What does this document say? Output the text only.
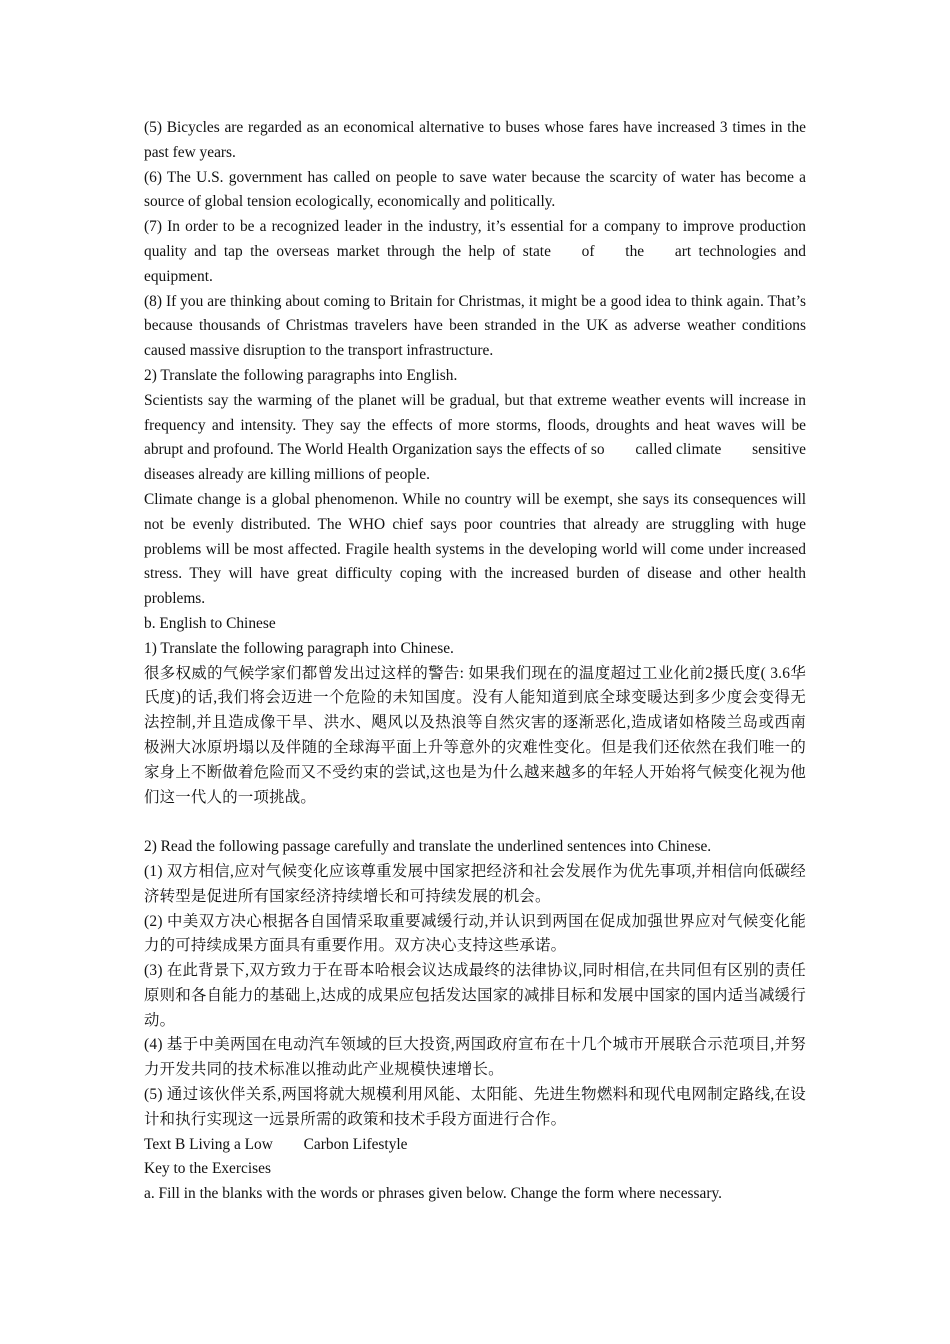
(5) Bicycles are regarded as an economical alternative to buses whose fares have increased 3 times in the past few years.

(6) The U.S. government has called on people to save water because the scarcity of water has become a source of global tension ecologically, economically and politically.

(7) In order to be a recognized leader in the industry, it’s essential for a company to improve production quality and tap the overseas market through the help of state  of  the  art technologies and equipment.

(8) If you are thinking about coming to Britain for Christmas, it might be a good idea to think again. That’s because thousands of Christmas travelers have been stranded in the UK as adverse weather conditions caused massive disruption to the transport infrastructure.

2) Translate the following paragraphs into English.

Scientists say the warming of the planet will be gradual, but that extreme weather events will increase in frequency and intensity. They say the effects of more storms, floods, droughts and heat waves will be abrupt and profound. The World Health Organization says the effects of so  called climate  sensitive diseases already are killing millions of people.

Climate change is a global phenomenon. While no country will be exempt, she says its consequences will not be evenly distributed. The WHO chief says poor countries that already are struggling with huge problems will be most affected. Fragile health systems in the developing world will come under increased stress. They will have great difficulty coping with the increased burden of disease and other health problems.

b. English to Chinese

1) Translate the following paragraph into Chinese.

很多权威的气候学家们都曾发出过这样的警告: 如果我们现在的温度超过工业化前2摄氏度( 3.6华氏度)的话,我们将会迈进一个危险的未知国度。没有人能知道到底全球变暖达到多少度会变得无法控制,并且造成像干旱、洪水、飓风以及热浪等自然灾害的逐渐恶化,造成诸如格陵兰岛或西南极洲大冰原坍塌以及伴随的全球海平面上升等意外的灾难性变化。但是我们还依然在我们唯一的家身上不断做着危险而又不受约束的尝试,这也是为什么越来越多的年轻人开始将气候变化视为他们这一代人的一项挑战。

2) Read the following passage carefully and translate the underlined sentences into Chinese.

(1) 双方相信,应对气候变化应该尊重发展中国家把经济和社会发展作为优先事项,并相信向低碳经济转型是促进所有国家经济持续增长和可持续发展的机会。

(2) 中美双方决心根据各自国情采取重要减缓行动,并认识到两国在促成加强世界应对气候变化能力的可持续成果方面具有重要作用。双方决心支持这些承诺。

(3) 在此背景下,双方致力于在哥本哈根会议达成最终的法律协议,同时相信,在共同但有区别的责任原则和各自能力的基础上,达成的成果应包括发达国家的减排目标和发展中国家的国内适当减缓行动。

(4) 基于中美两国在电动汽车领域的巨大投资,两国政府宣布在十几个城市开展联合示范项目,并努力开发共同的技术标准以推动此产业规模快速增长。

(5) 通过该伙伴关系,两国将就大规模利用风能、太阳能、先进生物燃料和现代电网制定路线,在设计和执行实现这一远景所需的政策和技术手段方面进行合作。

Text B Living a Low  Carbon Lifestyle

Key to the Exercises

a. Fill in the blanks with the words or phrases given below. Change the form where necessary.
